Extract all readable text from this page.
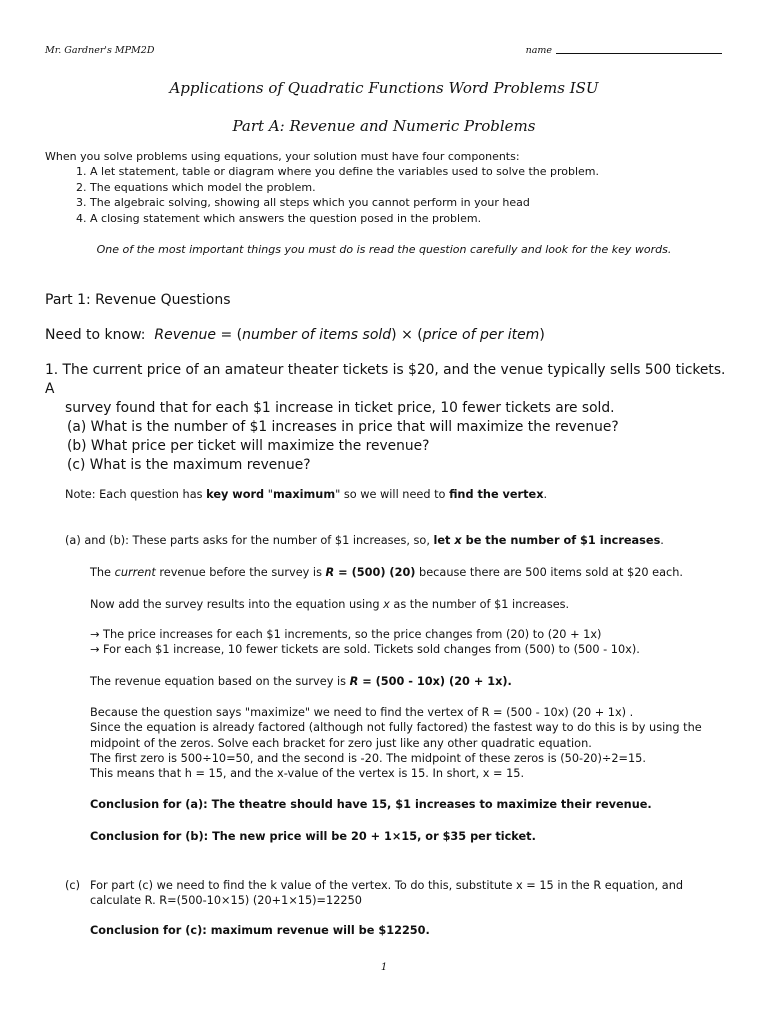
Mr. Gardner's MPM2D	name
Applications of Quadratic Functions Word Problems ISU
Part A: Revenue and Numeric Problems
When you solve problems using equations, your solution must have four components:
1. A let statement, table or diagram where you define the variables used to solve the problem.
2. The equations which model the problem.
3. The algebraic solving, showing all steps which you cannot perform in your head
4. A closing statement which answers the question posed in the problem.
One of the most important things you must do is read the question carefully and look for the key words.
Part 1: Revenue Questions
Need to know: Revenue = (number of items sold) × (price of per item)
1. The current price of an amateur theater tickets is $20, and the venue typically sells 500 tickets. A
survey found that for each $1 increase in ticket price, 10 fewer tickets are sold.
(a) What is the number of $1 increases in price that will maximize the revenue?
(b) What price per ticket will maximize the revenue?
(c) What is the maximum revenue?
Note: Each question has key word "maximum" so we will need to find the vertex.
(a) and (b): These parts asks for the number of $1 increases, so, let x be the number of $1 increases.
The current revenue before the survey is R = (500) (20) because there are 500 items sold at $20 each.
Now add the survey results into the equation using x as the number of $1 increases.
→ The price increases for each $1 increments, so the price changes from (20) to (20 + 1x)
→ For each $1 increase, 10 fewer tickets are sold. Tickets sold changes from (500) to (500 - 10x).
The revenue equation based on the survey is R = (500 - 10x) (20 + 1x).
Because the question says "maximize" we need to find the vertex of R = (500 - 10x) (20 + 1x) .
Since the equation is already factored (although not fully factored) the fastest way to do this is by using the
midpoint of the zeros. Solve each bracket for zero just like any other quadratic equation.
The first zero is 500÷10=50, and the second is -20. The midpoint of these zeros is (50-20)÷2=15.
This means that h = 15, and the x-value of the vertex is 15. In short, x = 15.
Conclusion for (a): The theatre should have 15, $1 increases to maximize their revenue.
Conclusion for (b): The new price will be 20 + 1×15, or $35 per ticket.
(c) For part (c) we need to find the k value of the vertex. To do this, substitute x = 15 in the R equation, and
calculate R. R=(500-10×15) (20+1×15)=12250
Conclusion for (c): maximum revenue will be $12250.
1
